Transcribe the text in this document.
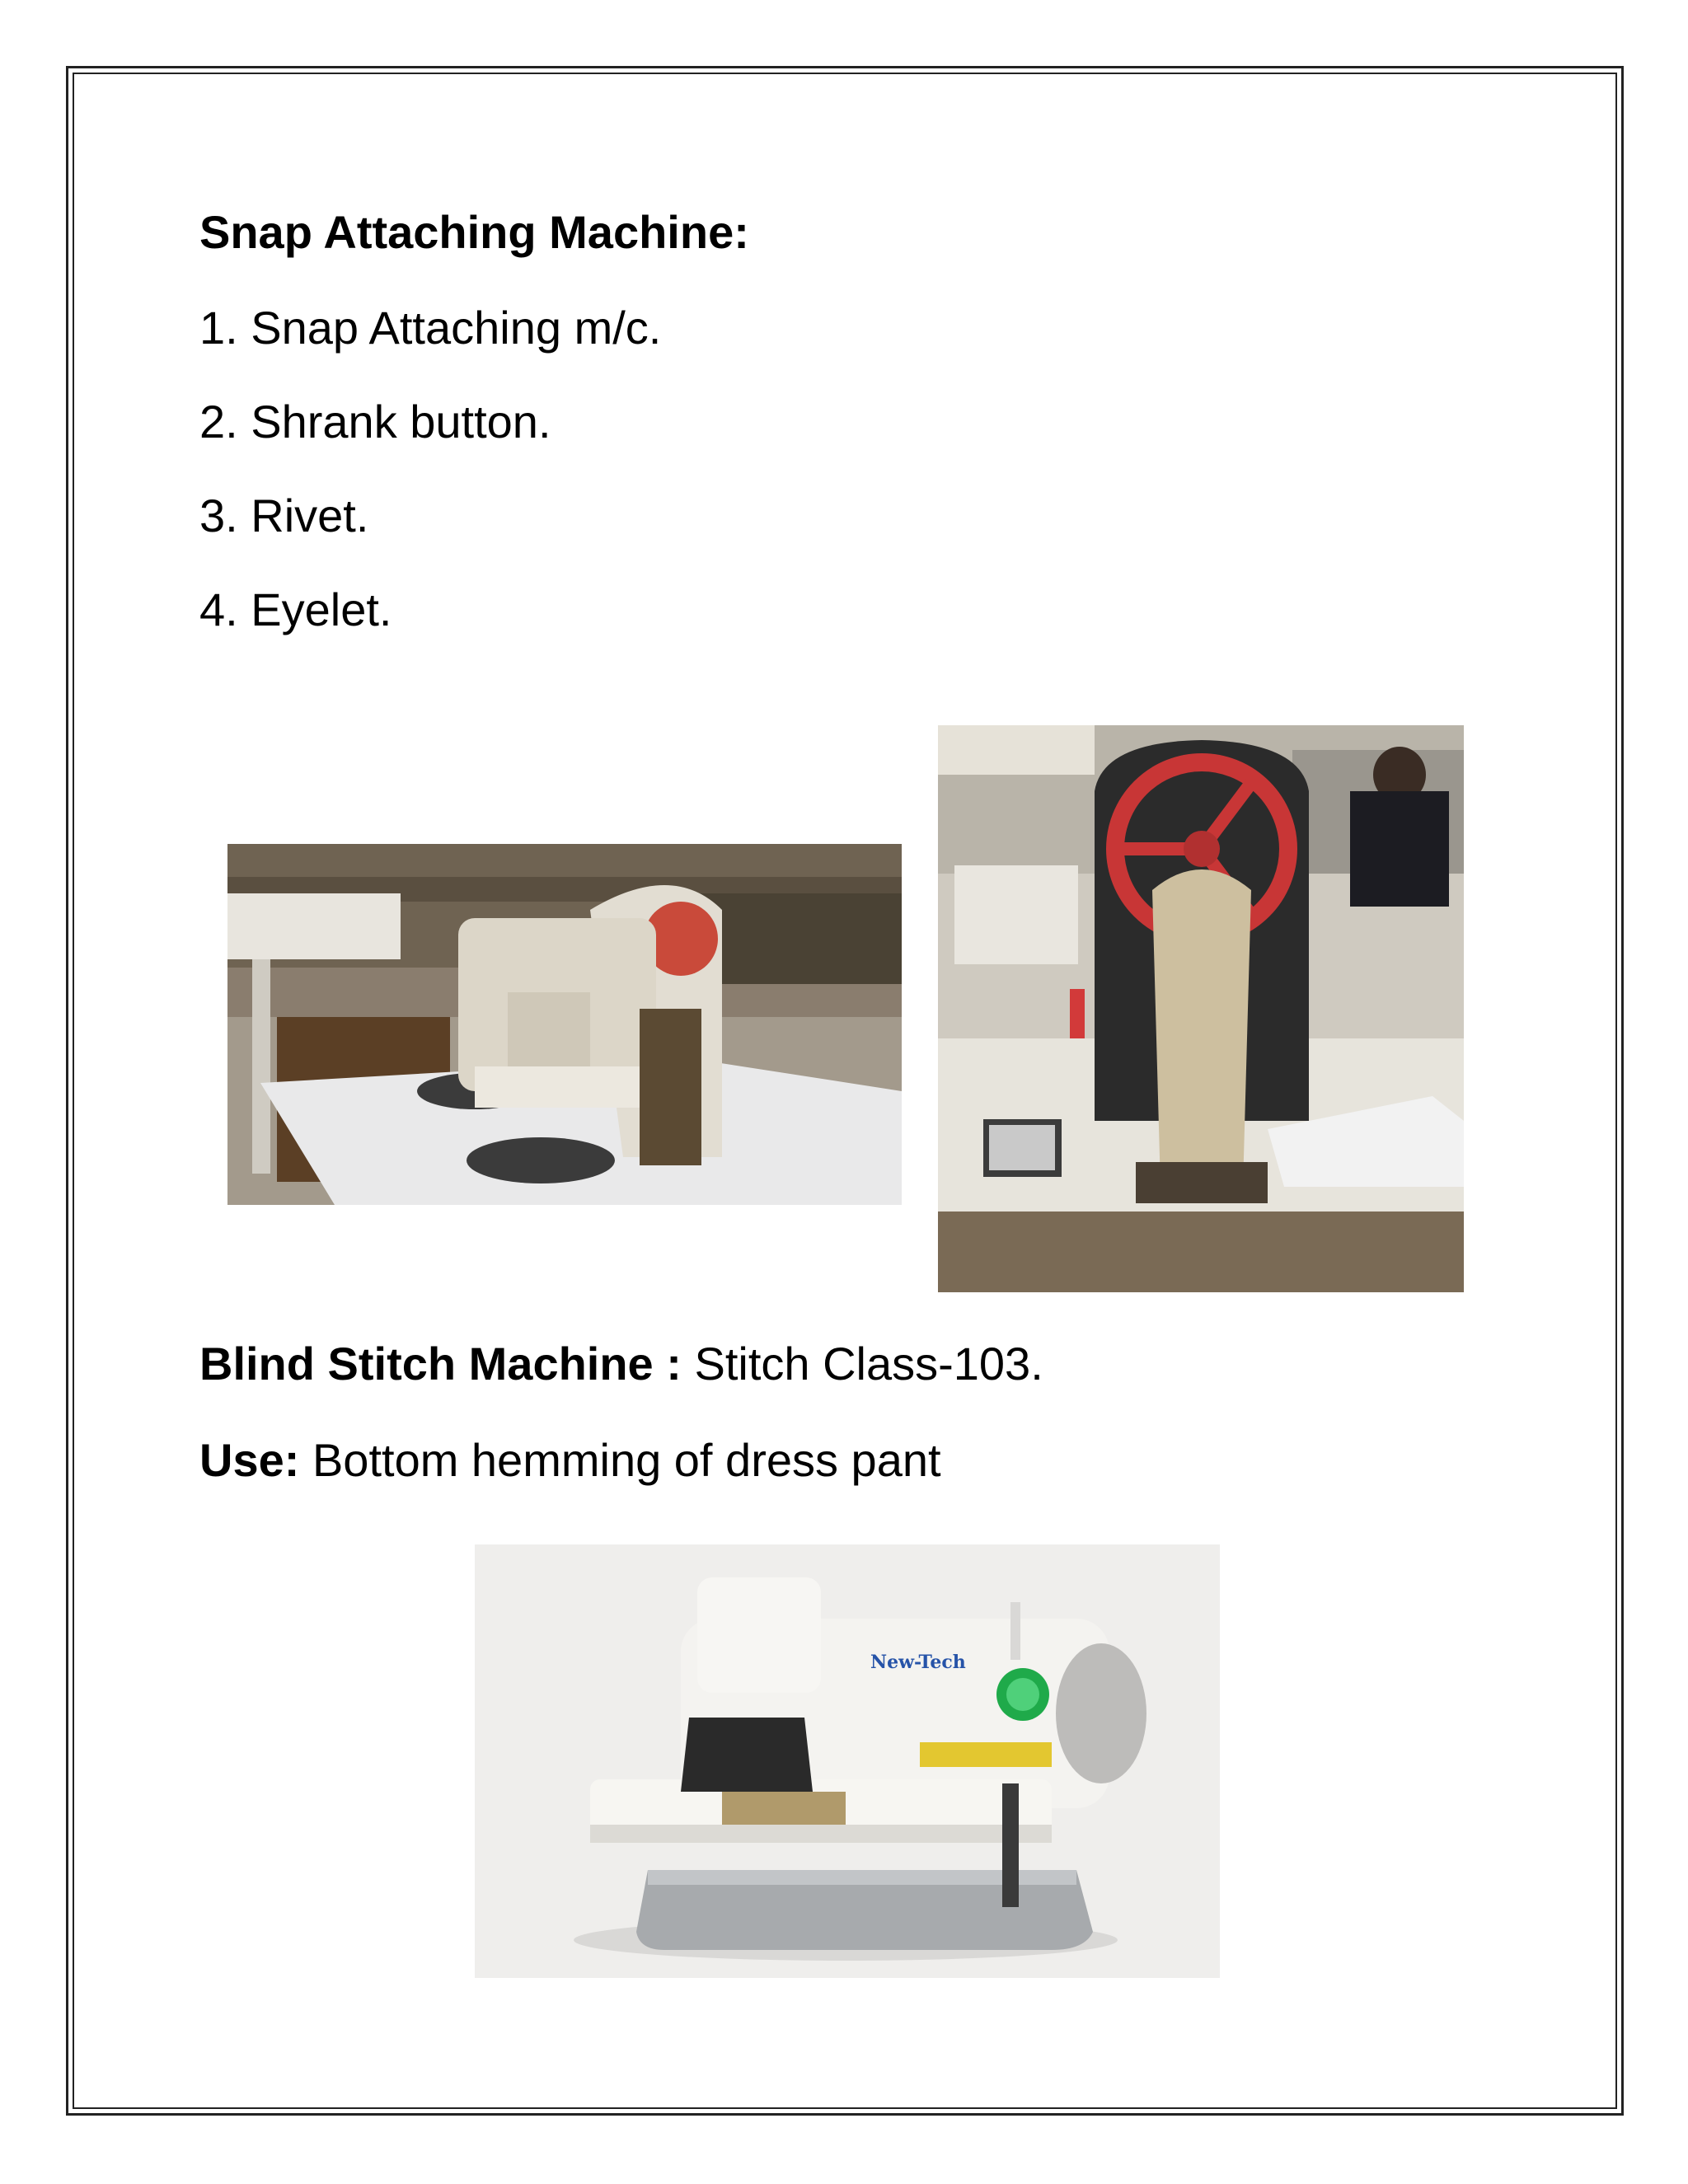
Snap Attaching Machine:
1. Snap Attaching m/c.
2. Shrank button.
3. Rivet.
4. Eyelet.
Blind Stitch Machine : Stitch Class-103.
Use: Bottom hemming of dress pant
New-Tech
